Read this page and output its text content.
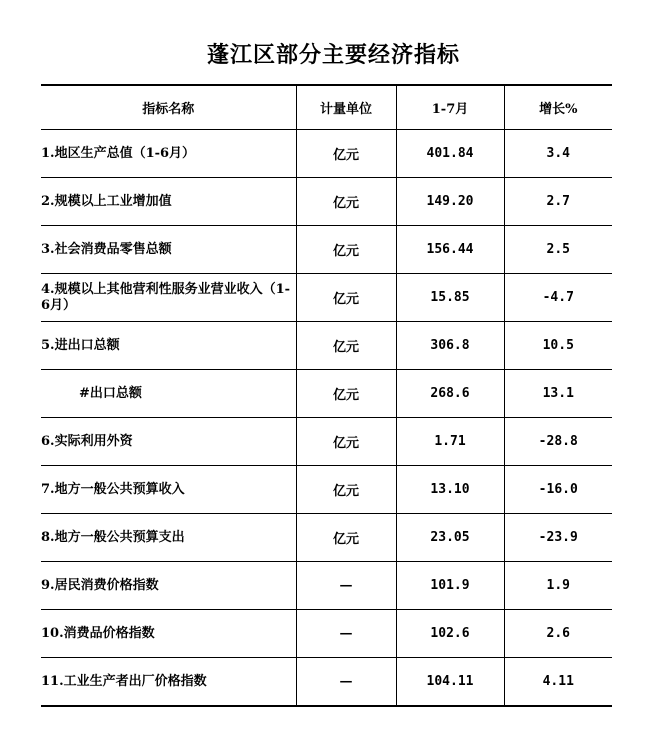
蓬江区部分主要经济指标
指标名称	计量单位	1-7月	增长%
1.地区生产总值（1-6月）	亿元	401.84	3.4
2.规模以上工业增加值	亿元	149.20	2.7
3.社会消费品零售总额	亿元	156.44	2.5
4.规模以上其他营利性服务业营业收入（1-6月）	亿元	15.85	-4.7
5.进出口总额	亿元	306.8	10.5
#出口总额	亿元	268.6	13.1
6.实际利用外资	亿元	1.71	-28.8
7.地方一般公共预算收入	亿元	13.10	-16.0
8.地方一般公共预算支出	亿元	23.05	-23.9
9.居民消费价格指数	—	101.9	1.9
10.消费品价格指数	—	102.6	2.6
11.工业生产者出厂价格指数	—	104.11	4.11
